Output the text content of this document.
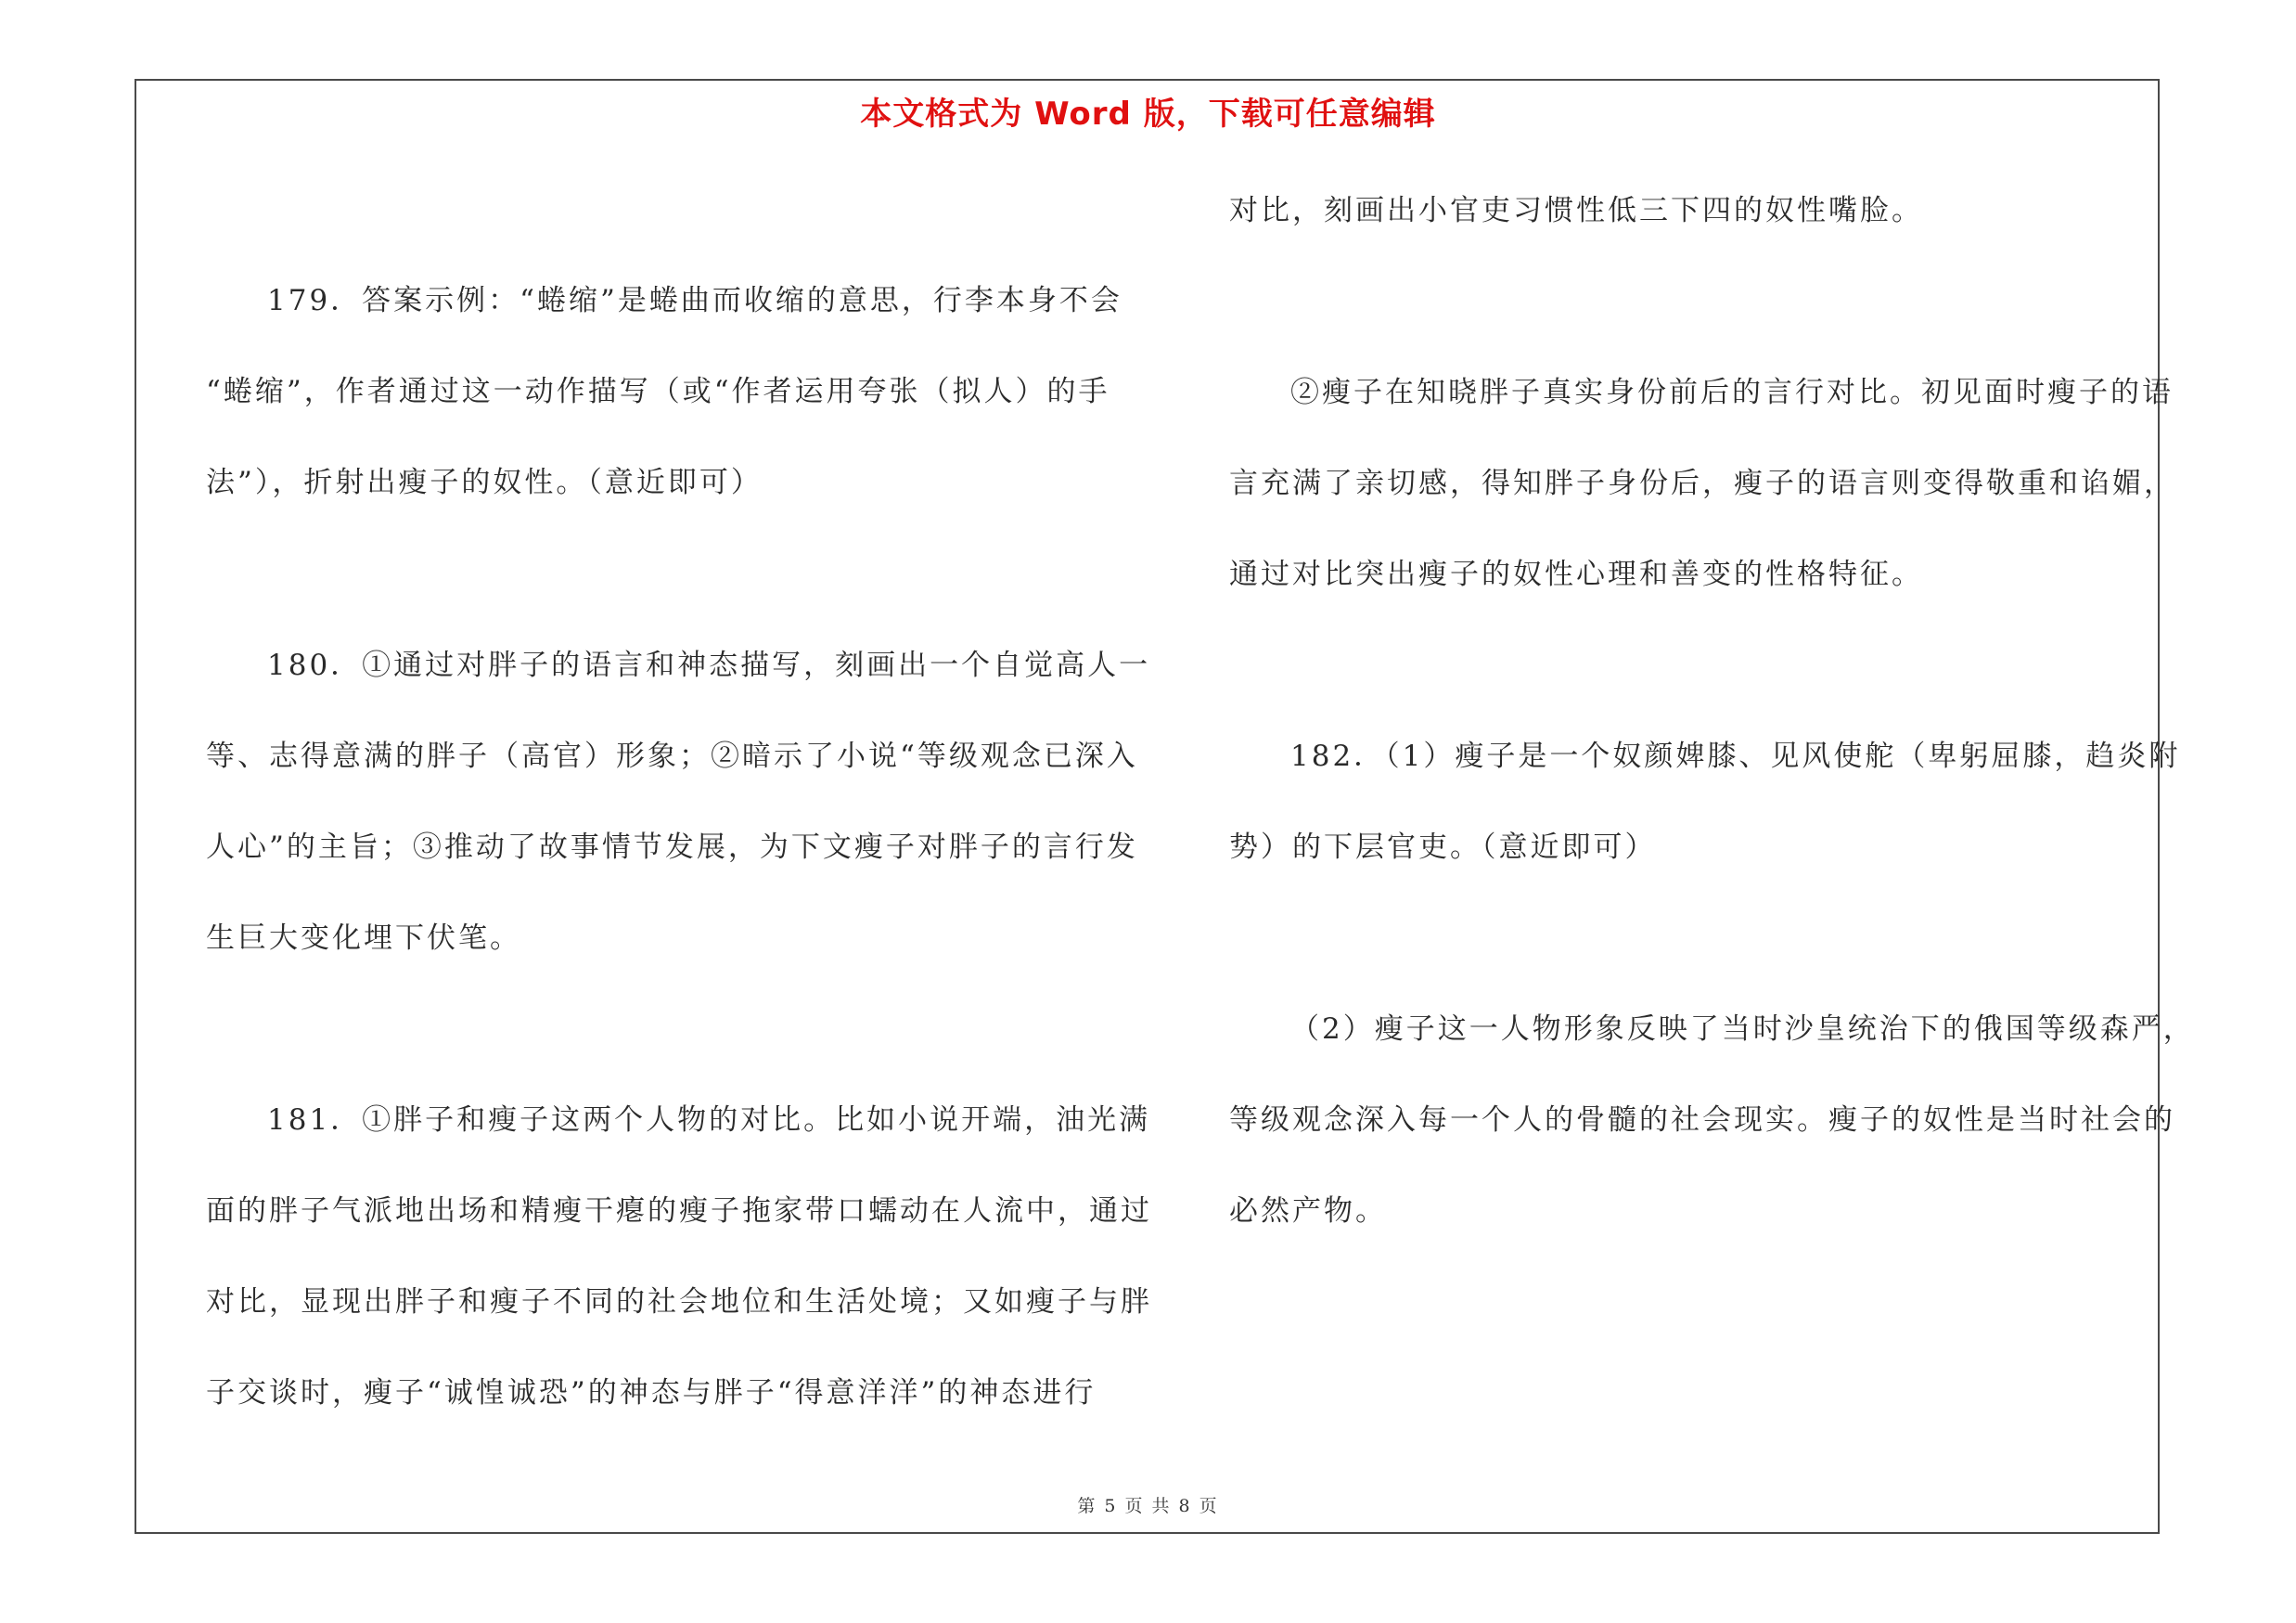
本文格式为 Word 版，下载可任意编辑
179．答案示例：“蜷缩”是蜷曲而收缩的意思，行李本身不会
“蜷缩”，作者通过这一动作描写（或“作者运用夸张（拟人）的手
法”），折射出瘦子的奴性。（意近即可）
180．①通过对胖子的语言和神态描写，刻画出一个自觉高人一
等、志得意满的胖子（高官）形象；②暗示了小说“等级观念已深入
人心”的主旨；③推动了故事情节发展，为下文瘦子对胖子的言行发
生巨大变化埋下伏笔。
181．①胖子和瘦子这两个人物的对比。比如小说开端，油光满
面的胖子气派地出场和精瘦干瘪的瘦子拖家带口蠕动在人流中，通过
对比，显现出胖子和瘦子不同的社会地位和生活处境；又如瘦子与胖
子交谈时，瘦子“诚惶诚恐”的神态与胖子“得意洋洋”的神态进行
对比，刻画出小官吏习惯性低三下四的奴性嘴脸。
②瘦子在知晓胖子真实身份前后的言行对比。初见面时瘦子的语
言充满了亲切感，得知胖子身份后，瘦子的语言则变得敬重和谄媚，
通过对比突出瘦子的奴性心理和善变的性格特征。
182．（1）瘦子是一个奴颜婢膝、见风使舵（卑躬屈膝，趋炎附
势）的下层官吏。（意近即可）
（2）瘦子这一人物形象反映了当时沙皇统治下的俄国等级森严，
等级观念深入每一个人的骨髓的社会现实。瘦子的奴性是当时社会的
必然产物。
第 5 页 共 8 页
